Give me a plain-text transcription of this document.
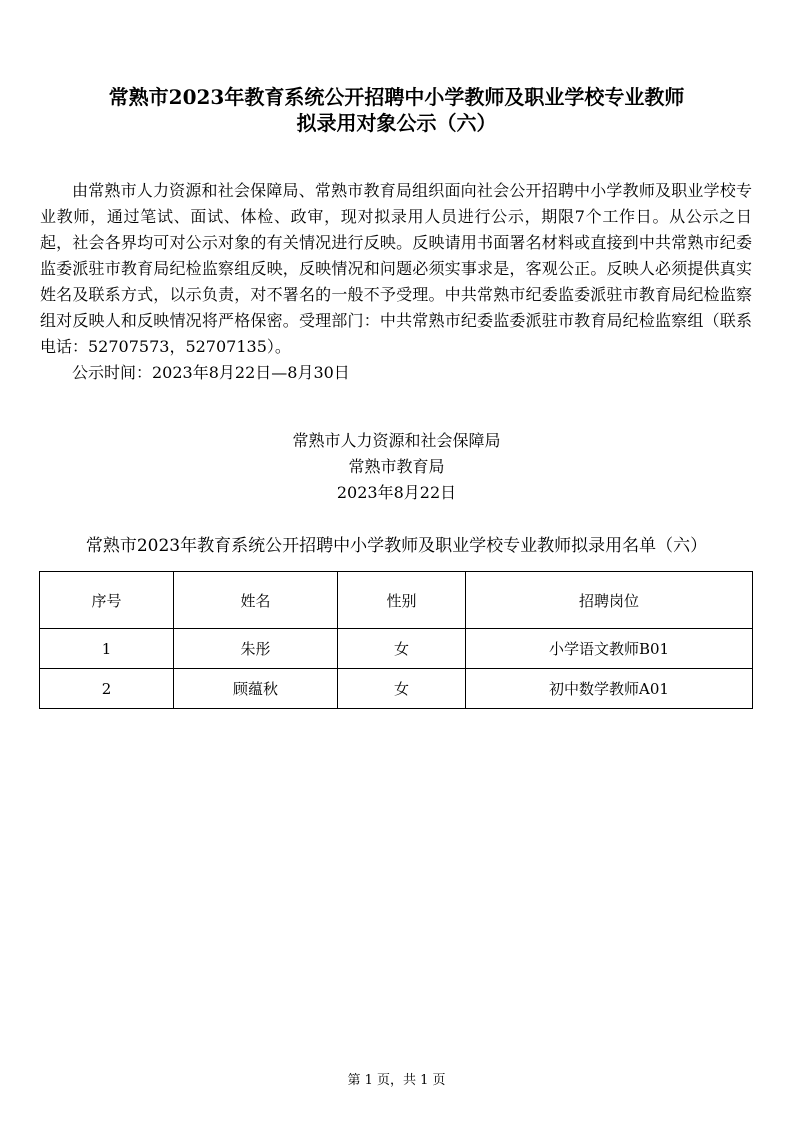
常熟市2023年教育系统公开招聘中小学教师及职业学校专业教师
拟录用对象公示（六）
由常熟市人力资源和社会保障局、常熟市教育局组织面向社会公开招聘中小学教师及职业学校专业教师，通过笔试、面试、体检、政审，现对拟录用人员进行公示，期限7个工作日。从公示之日起，社会各界均可对公示对象的有关情况进行反映。反映请用书面署名材料或直接到中共常熟市纪委监委派驻市教育局纪检监察组反映，反映情况和问题必须实事求是，客观公正。反映人必须提供真实姓名及联系方式，以示负责，对不署名的一般不予受理。中共常熟市纪委监委派驻市教育局纪检监察组对反映人和反映情况将严格保密。受理部门：中共常熟市纪委监委派驻市教育局纪检监察组（联系电话：52707573，52707135）。
公示时间：2023年8月22日—8月30日
常熟市人力资源和社会保障局
常熟市教育局
2023年8月22日
常熟市2023年教育系统公开招聘中小学教师及职业学校专业教师拟录用名单（六）
序号	姓名	性别	招聘岗位
1	朱彤	女	小学语文教师B01
2	顾蕴秋	女	初中数学教师A01
第 1 页，共 1 页
